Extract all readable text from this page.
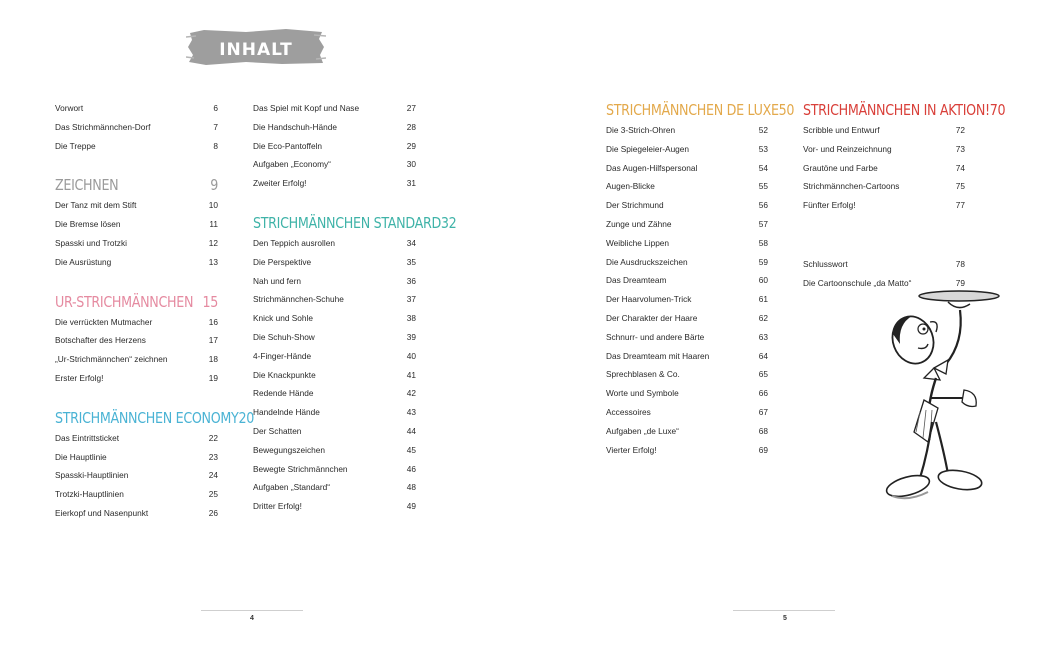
inhalt
Vorwort	6
Das Strichmännchen-Dorf	7
Die Treppe	8
ZEICHNEN	9
Der Tanz mit dem Stift	10
Die Bremse lösen	11
Spasski und Trotzki	12
Die Ausrüstung	13
UR-STRICHMÄNNCHEN 15
Die verrückten Mutmacher	16
Botschafter des Herzens	17
„Ur-Strichmännchen“ zeichnen	18
Erster Erfolg!	19
STRICHMÄNNCHEN ECONOMY 20
Das Eintrittsticket	22
Die Hauptlinie	23
Spasski-Hauptlinien	24
Trotzki-Hauptlinien	25
Eierkopf und Nasenpunkt	26
Das Spiel mit Kopf und Nase	27
Die Handschuh-Hände	28
Die Eco-Pantoffeln	29
Aufgaben „Economy“	30
Zweiter Erfolg!	31
STRICHMÄNNCHEN STANDARD 32
Den Teppich ausrollen	34
Die Perspektive	35
Nah und fern	36
Strichmännchen-Schuhe	37
Knick und Sohle	38
Die Schuh-Show	39
4-Finger-Hände	40
Die Knackpunkte	41
Redende Hände	42
Handelnde Hände	43
Der Schatten	44
Bewegungszeichen	45
Bewegte Strichmännchen	46
Aufgaben „Standard“	48
Dritter Erfolg!	49
4
STRICHMÄNNCHEN DE LUXE 50
Die 3-Strich-Ohren	52
Die Spiegeleier-Augen	53
Das Augen-Hilfspersonal	54
Augen-Blicke	55
Der Strichmund	56
Zunge und Zähne	57
Weibliche Lippen	58
Die Ausdruckszeichen	59
Das Dreamteam	60
Der Haarvolumen-Trick	61
Der Charakter der Haare	62
Schnurr- und andere Bärte	63
Das Dreamteam mit Haaren	64
Sprechblasen & Co.	65
Worte und Symbole	66
Accessoires	67
Aufgaben „de Luxe“	68
Vierter Erfolg!	69
STRICHMÄNNCHEN IN AKTION! 70
Scribble und Entwurf	72
Vor- und Reinzeichnung	73
Grautöne und Farbe	74
Strichmännchen-Cartoons	75
Fünfter Erfolg!	77
Schlusswort	78
Die Cartoonschule „da Matto“	79
5
